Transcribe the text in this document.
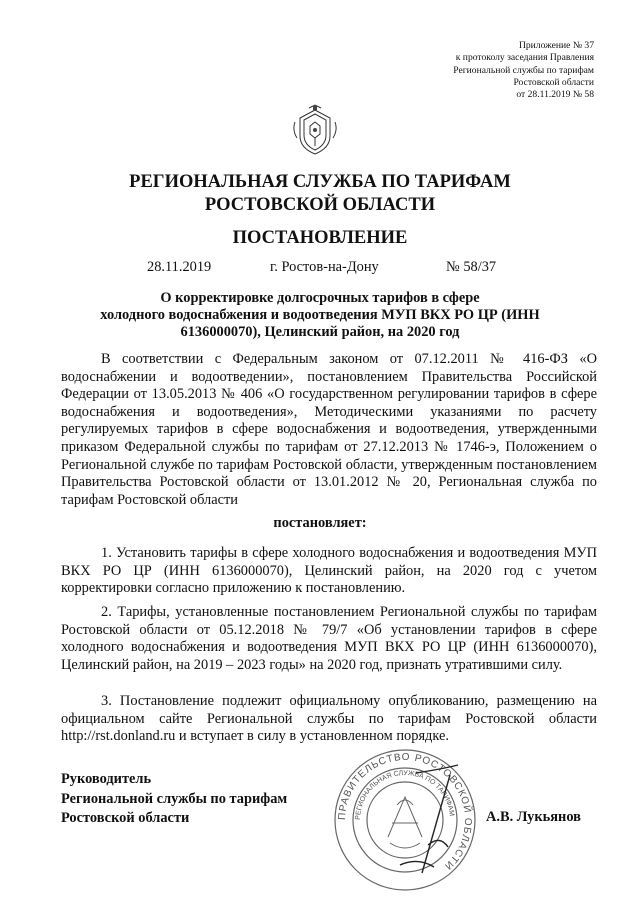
Приложение № 37
к протоколу заседания Правления
Региональной службы по тарифам
Ростовской области
от 28.11.2019 № 58
РЕГИОНАЛЬНАЯ СЛУЖБА ПО ТАРИФАМ
РОСТОВСКОЙ ОБЛАСТИ
ПОСТАНОВЛЕНИЕ
28.11.2019	г. Ростов-на-Дону	№ 58/37
О корректировке долгосрочных тарифов в сфере
холодного водоснабжения и водоотведения МУП ВКХ РО ЦР (ИНН
6136000070), Целинский район, на 2020 год

В соответствии с Федеральным законом от 07.12.2011 № 416-ФЗ «О водоснабжении и водоотведении», постановлением Правительства Российской Федерации от 13.05.2013 № 406 «О государственном регулировании тарифов в сфере водоснабжения и водоотведения», Методическими указаниями по расчету регулируемых тарифов в сфере водоснабжения и водоотведения, утвержденными приказом Федеральной службы по тарифам от 27.12.2013 № 1746-э, Положением о Региональной службе по тарифам Ростовской области, утвержденным постановлением Правительства Ростовской области от 13.01.2012 № 20, Региональная служба по тарифам Ростовской области

постановляет:

1. Установить тарифы в сфере холодного водоснабжения и водоотведения МУП ВКХ РО ЦР (ИНН 6136000070), Целинский район, на 2020 год с учетом корректировки согласно приложению к постановлению.

2. Тарифы, установленные постановлением Региональной службы по тарифам Ростовской области от 05.12.2018 № 79/7 «Об установлении тарифов в сфере холодного водоснабжения и водоотведения МУП ВКХ РО ЦР (ИНН 6136000070), Целинский район, на 2019 – 2023 годы» на 2020 год, признать утратившими силу.

3. Постановление подлежит официальному опубликованию, размещению на официальном сайте Региональной службы по тарифам Ростовской области http://rst.donland.ru и вступает в силу в установленном порядке.

Руководитель
Региональной службы по тарифам
Ростовской области	ПРАВИТЕЛЬСТВО РОСТОВСКОЙ ОБЛАСТИ
РЕГИОНАЛЬНАЯ СЛУЖБА ПО ТАРИФАМ А.В. Лукьянов
